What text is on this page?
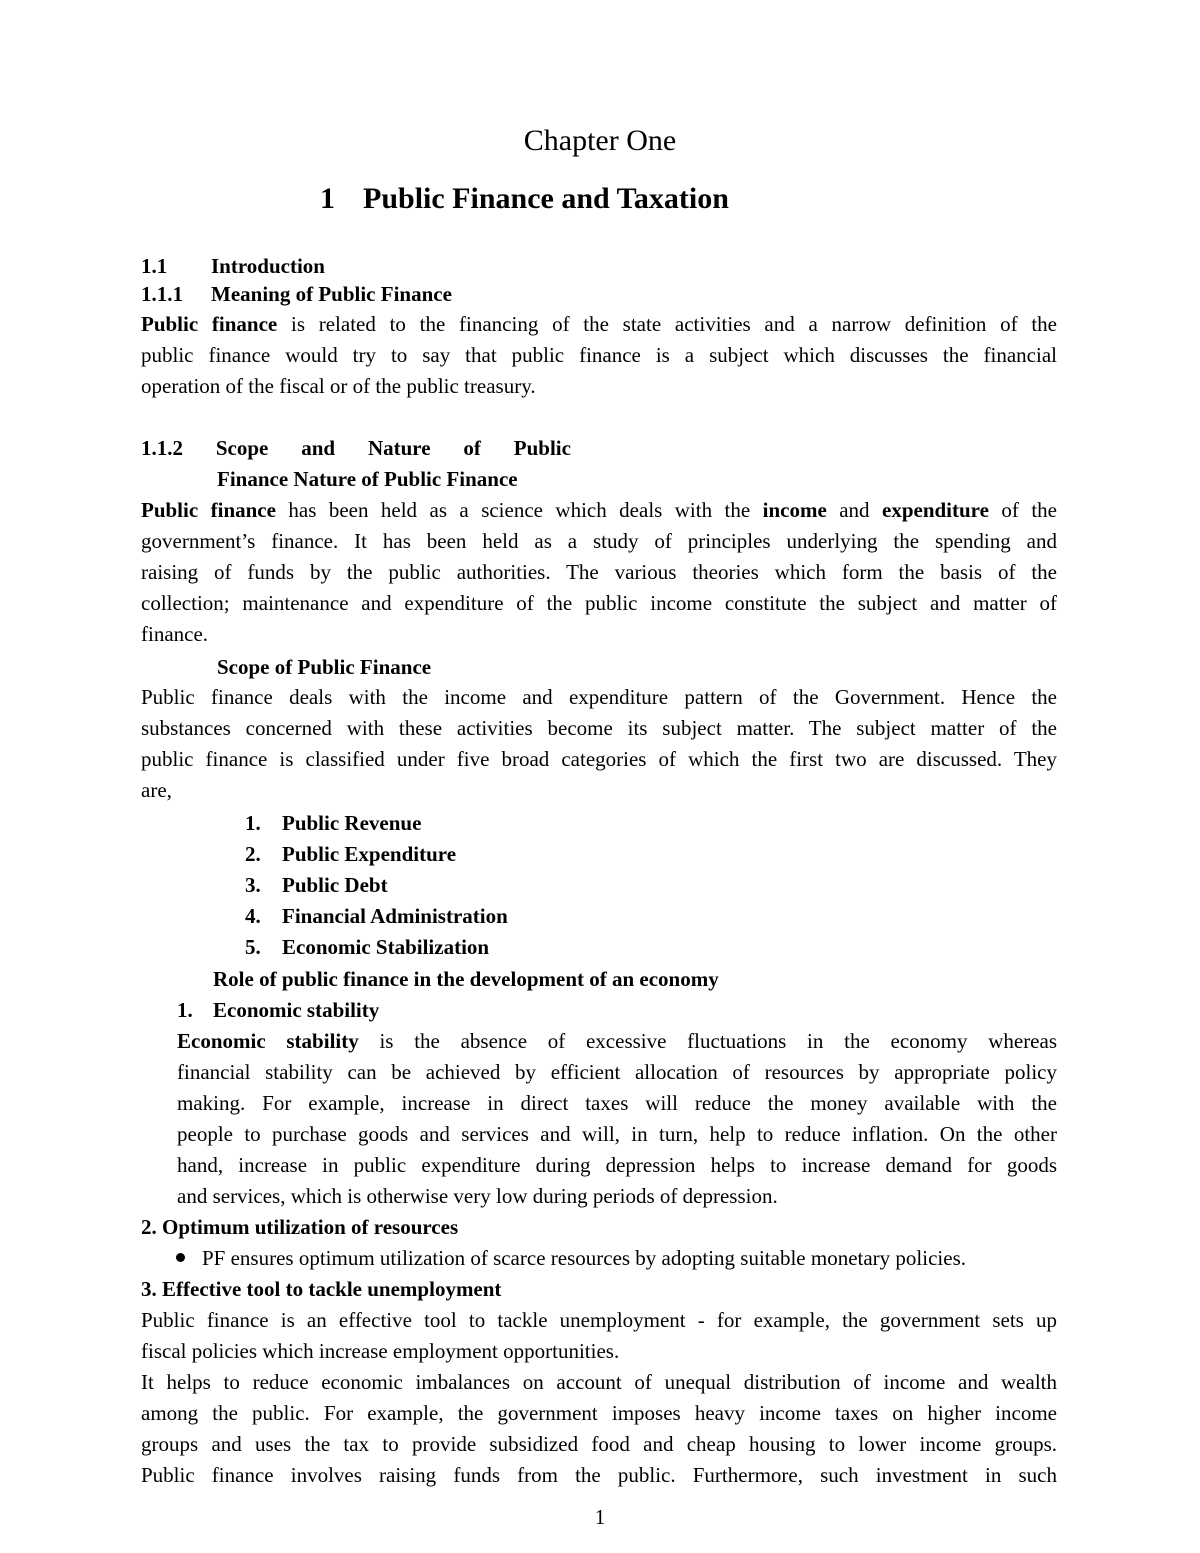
Chapter One
1 Public Finance and Taxation
1.1 Introduction
1.1.1 Meaning of Public Finance
Public finance is related to the financing of the state activities and a narrow definition of the
public finance would try to say that public finance is a subject which discusses the financial
operation of the fiscal or of the public treasury.
1.1.2 Scope and Nature of Public
Finance Nature of Public Finance
Public finance has been held as a science which deals with the income and expenditure of the
government’s finance. It has been held as a study of principles underlying the spending and
raising of funds by the public authorities. The various theories which form the basis of the
collection; maintenance and expenditure of the public income constitute the subject and matter of
finance.
Scope of Public Finance
Public finance deals with the income and expenditure pattern of the Government. Hence the
substances concerned with these activities become its subject matter. The subject matter of the
public finance is classified under five broad categories of which the first two are discussed. They
are,
1. Public Revenue
2. Public Expenditure
3. Public Debt
4. Financial Administration
5. Economic Stabilization
Role of public finance in the development of an economy
1. Economic stability
Economic stability is the absence of excessive fluctuations in the economy whereas
financial stability can be achieved by efficient allocation of resources by appropriate policy
making. For example, increase in direct taxes will reduce the money available with the
people to purchase goods and services and will, in turn, help to reduce inflation. On the other
hand, increase in public expenditure during depression helps to increase demand for goods
and services, which is otherwise very low during periods of depression.
2. Optimum utilization of resources
PF ensures optimum utilization of scarce resources by adopting suitable monetary policies.
3. Effective tool to tackle unemployment
Public finance is an effective tool to tackle unemployment - for example, the government sets up
fiscal policies which increase employment opportunities.
It helps to reduce economic imbalances on account of unequal distribution of income and wealth
among the public. For example, the government imposes heavy income taxes on higher income
groups and uses the tax to provide subsidized food and cheap housing to lower income groups.
Public finance involves raising funds from the public. Furthermore, such investment in such
1
